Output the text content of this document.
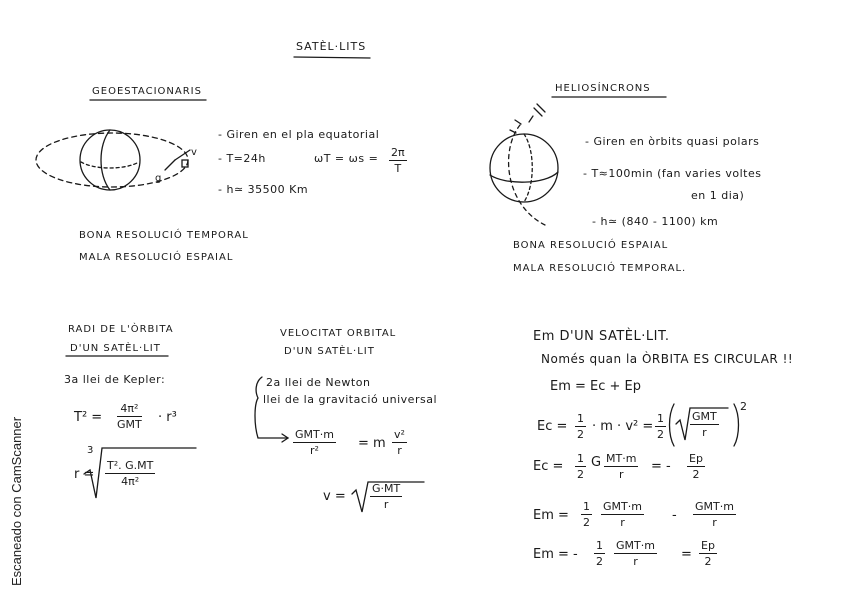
SATÈL·LITS
GEOESTACIONARIS
- Giren en el pla equatorial
- T=24h	$\omega T = \omega s = \frac{2\pi}{T}$
- h≃ 35500 Km
v
g
BONA RESOLUCIÓ TEMPORAL
MALA RESOLUCIÓ ESPAIAL
HELIOSÍNCRONS
- Giren en òrbits quasi polars
- T≈100min (fan varies voltes
en 1 dia)
- h≃ (840 - 1100) km
BONA RESOLUCIÓ ESPAIAL
MALA RESOLUCIÓ TEMPORAL.
RADI DE L'ÒRBITA
D'UN SATÈL·LIT
3a llei de Kepler:
T² =
4π²
GMT · r³
r =
3
$\frac{\text{T². G.MT}}{\text{4π²}}$
VELOCITAT ORBITAL
D'UN SATÈL·LIT
2a llei de Newton
llei de la gravitació universal
GMT·m
r²	= m $\frac{\text{v²}}{r}$
$v = \frac{G\cdot MT}{r}$
Em D'UN SATÈL·LIT.
Només quan la ÒRBITA ES CIRCULAR !!
Em = Ec + Ep
$Ec = \frac{1}{2} \cdot m \cdot v^2 = \frac{1}{2}$ GMT
r
2
$Ec = \frac{1}{2}$ G $\frac{MT\cdot m}{r}$ = - $\frac{Ep}{2}$
$Em = \frac{1}{2} GMT\cdot m$
r	-
GMT·m
r
Em = - $\frac{1}{2} GMT\cdot m$
r	= $\frac{Ep}{2}$
Escaneado con CamScanner
